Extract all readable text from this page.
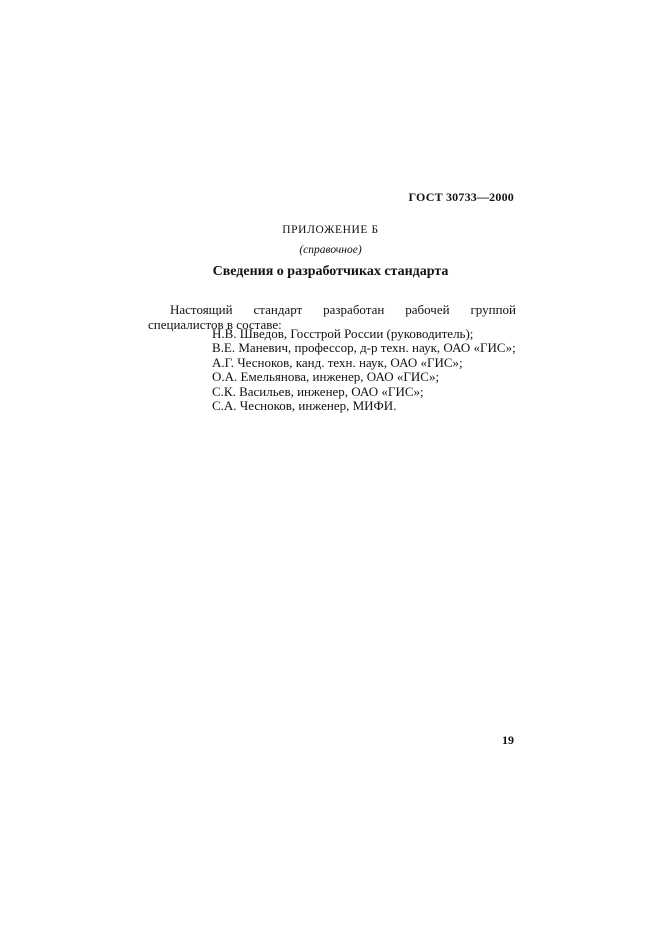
ГОСТ 30733—2000
ПРИЛОЖЕНИЕ Б
(справочное)
Сведения о разработчиках стандарта

Настоящий стандарт разработан рабочей группой специалистов в составе:

Н.В. Шведов, Госстрой России (руководитель);
В.Е. Маневич, профессор, д-р техн. наук, ОАО «ГИС»;
А.Г. Чесноков, канд. техн. наук, ОАО «ГИС»;
О.А. Емельянова, инженер, ОАО «ГИС»;
С.К. Васильев, инженер, ОАО «ГИС»;
С.А. Чесноков, инженер, МИФИ.
19
